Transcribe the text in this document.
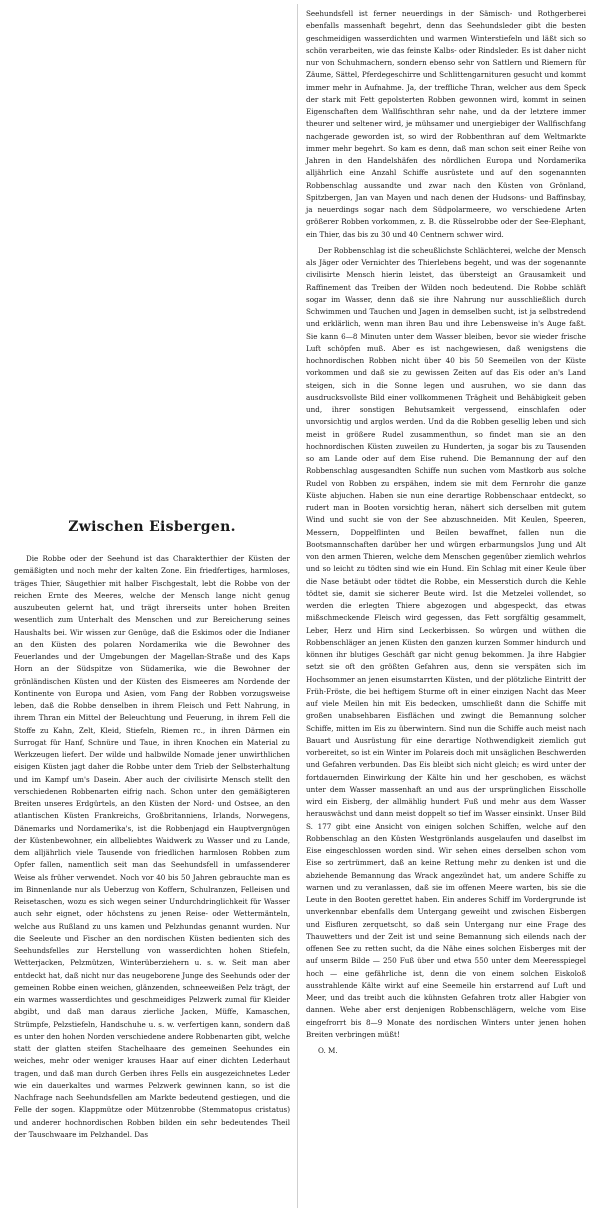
Zwischen Eisbergen.

Die Robbe oder der Seehund ist das Charakterthier der Küsten der gemäßigten und noch mehr der kalten Zone. Ein friedfertiges, harmloses, träges Thier, Säugethier mit halber Fischgestalt, lebt die Robbe von der reichen Ernte des Meeres, welche der Mensch lange nicht genug auszubeuten gelernt hat, und trägt ihrerseits unter hohen Breiten wesentlich zum Unterhalt des Menschen und zur Bereicherung seines Haushalts bei. Wir wissen zur Genüge, daß die Eskimos oder die Indianer an den Küsten des polaren Nordamerika wie die Bewohner des Feuerlandes und der Umgebungen der Magellan-Straße und des Kaps Horn an der Südspitze von Südamerika, wie die Bewohner der grönländischen Küsten und der Küsten des Eismeeres am Nordende der Kontinente von Europa und Asien, vom Fang der Robben vorzugsweise leben, daß die Robbe denselben in ihrem Fleisch und Fett Nahrung, in ihrem Thran ein Mittel der Beleuchtung und Feuerung, in ihrem Fell die Stoffe zu Kahn, Zelt, Kleid, Stiefeln, Riemen rc., in ihren Därmen ein Surrogat für Hanf, Schnüre und Taue, in ihren Knochen ein Material zu Werkzeugen liefert. Der wilde und halbwilde Nomade jener unwirthlichen eisigen Küsten jagt daher die Robbe unter dem Trieb der Selbsterhaltung und im Kampf um's Dasein. Aber auch der civilisirte Mensch stellt den verschiedenen Robbenarten eifrig nach. Schon unter den gemäßigteren Breiten unseres Erdgürtels, an den Küsten der Nord- und Ostsee, an den atlantischen Küsten Frankreichs, Großbritanniens, Irlands, Norwegens, Dänemarks und Nordamerika's, ist die Robbenjagd ein Hauptvergnügen der Küstenbewohner, ein allbeliebtes Waidwerk zu Wasser und zu Lande, dem alljährlich viele Tausende von friedlichen harmlosen Robben zum Opfer fallen, namentlich seit man das Seehundsfell in umfassenderer Weise als früher verwendet. Noch vor 40 bis 50 Jahren gebrauchte man es im Binnenlande nur als Ueberzug von Koffern, Schulranzen, Felleisen und Reisetaschen, wozu es sich wegen seiner Undurchdringlichkeit für Wasser auch sehr eignet, oder höchstens zu jenen Reise- oder Wettermänteln, welche aus Rußland zu uns kamen und Pelzhundas genannt wurden. Nur die Seeleute und Fischer an den nordischen Küsten bedienten sich des Seehundsfelles zur Herstellung von wasserdichten hohen Stiefeln, Wetterjacken, Pelzmützen, Winterüberziehern u. s. w. Seit man aber entdeckt hat, daß nicht nur das neugeborene Junge des Seehunds oder der gemeinen Robbe einen weichen, glänzenden, schneeweißen Pelz trägt, der ein warmes wasserdichtes und geschmeidiges Pelzwerk zumal für Kleider abgibt, und daß man daraus zierliche Jacken, Müffe, Kamaschen, Strümpfe, Pelzstiefeln, Handschuhe u. s. w. verfertigen kann, sondern daß es unter den hohen Norden verschiedene andere Robbenarten gibt, welche statt der glatten steifen Stachelhaare des gemeinen Seehundes ein weiches, mehr oder weniger krauses Haar auf einer dichten Lederhaut tragen, und daß man durch Gerben ihres Fells ein ausgezeichnetes Leder wie ein dauerkaltes und warmes Pelzwerk gewinnen kann, so ist die Nachfrage nach Seehundsfellen am Markte bedeutend gestiegen, und die Felle der sogen. Klappmütze oder Mützenrobbe (Stemmatopus cristatus) und anderer hochnordischen Robben bilden ein sehr bedeutendes Theil der Tauschwaare im Pelzhandel. Das

Seehundsfell ist ferner neuerdings in der Sämisch- und Rothgerberei ebenfalls massenhaft begehrt, denn das Seehundsleder gibt die besten geschmeidigen wasserdichten und warmen Winterstiefeln und läßt sich so schön verarbeiten, wie das feinste Kalbs- oder Rindsleder. Es ist daher nicht nur von Schuhmachern, sondern ebenso sehr von Sattlern und Riemern für Zäume, Sättel, Pferdegeschirre und Schlittengarnituren gesucht und kommt immer mehr in Aufnahme. Ja, der treffliche Thran, welcher aus dem Speck der stark mit Fett gepolsterten Robben gewonnen wird, kommt in seinen Eigenschaften dem Wallfischthran sehr nahe, und da der letztere immer theurer und seltener wird, je mühsamer und unergiebiger der Wallfischfang nachgerade geworden ist, so wird der Robbenthran auf dem Weltmarkte immer mehr begehrt. So kam es denn, daß man schon seit einer Reihe von Jahren in den Handelshäfen des nördlichen Europa und Nordamerika alljährlich eine Anzahl Schiffe ausrüstete und auf den sogenannten Robbenschlag aussandte und zwar nach den Küsten von Grönland, Spitzbergen, Jan van Mayen und nach denen der Hudsons- und Baffinsbay, ja neuerdings sogar nach dem Südpolarmeere, wo verschiedene Arten größerer Robben vorkommen, z. B. die Rüsselrobbe oder der See-Elephant, ein Thier, das bis zu 30 und 40 Centnern schwer wird.

Der Robbenschlag ist die scheußlichste Schlächterei, welche der Mensch als Jäger oder Vernichter des Thierlebens begeht, und was der sogenannte civilisirte Mensch hierin leistet, das übersteigt an Grausamkeit und Raffinement das Treiben der Wilden noch bedeutend. Die Robbe schläft sogar im Wasser, denn daß sie ihre Nahrung nur ausschließlich durch Schwimmen und Tauchen und Jagen in demselben sucht, ist ja selbstredend und erklärlich, wenn man ihren Bau und ihre Lebensweise in's Auge faßt. Sie kann 6—8 Minuten unter dem Wasser bleiben, bevor sie wieder frische Luft schöpfen muß. Aber es ist nachgewiesen, daß wenigstens die hochnordischen Robben nicht über 40 bis 50 Seemeilen von der Küste vorkommen und daß sie zu gewissen Zeiten auf das Eis oder an's Land steigen, sich in die Sonne legen und ausruhen, wo sie dann das ausdrucksvollste Bild einer vollkommenen Trägheit und Behäbigkeit geben und, ihrer sonstigen Behutsamkeit vergessend, einschlafen oder unvorsichtig und arglos werden. Und da die Robben gesellig leben und sich meist in größere Rudel zusammenthun, so findet man sie an den hochnordischen Küsten zuweilen zu Hunderten, ja sogar bis zu Tausenden so am Lande oder auf dem Eise ruhend. Die Bemannung der auf den Robbenschlag ausgesandten Schiffe nun suchen vom Mastkorb aus solche Rudel von Robben zu erspähen, indem sie mit dem Fernrohr die ganze Küste abjuchen. Haben sie nun eine derartige Robbenschaar entdeckt, so rudert man in Booten vorsichtig heran, nähert sich derselben mit gutem Wind und sucht sie von der See abzuschneiden. Mit Keulen, Speeren, Messern, Doppelflinten und Beilen bewaffnet, fallen nun die Bootsmannschaften darüber her und würgen erbarmungslos Jung und Alt von den armen Thieren, welche dem Menschen gegenüber ziemlich wehrlos und so leicht zu tödten sind wie ein Hund. Ein Schlag mit einer Keule über die Nase betäubt oder tödtet die Robbe, ein Messerstich durch die Kehle tödtet sie, damit sie sicherer Beute wird. Ist die Metzelei vollendet, so werden die erlegten Thiere abgezogen und abgespeckt, das etwas mißschmeckende Fleisch wird gegessen, das Fett sorgfältig gesammelt, Leber, Herz und Hirn sind Leckerbissen. So würgen und wüthen die Robbenschläger an jenen Küsten den ganzen kurzen Sommer hindurch und können ihr blutiges Geschäft gar nicht genug bekommen. Ja ihre Habgier setzt sie oft den größten Gefahren aus, denn sie verspäten sich im Hochsommer an jenen eisumstarrten Küsten, und der plötzliche Eintritt der Früh-Fröste, die bei heftigem Sturme oft in einer einzigen Nacht das Meer auf viele Meilen hin mit Eis bedecken, umschließt dann die Schiffe mit großen unabsehbaren Eisflächen und zwingt die Bemannung solcher Schiffe, mitten im Eis zu überwintern. Sind nun die Schiffe auch meist nach Bauart und Ausrüstung für eine derartige Nothwendigkeit ziemlich gut vorbereitet, so ist ein Winter im Polareis doch mit unsäglichen Beschwerden und Gefahren verbunden. Das Eis bleibt sich nicht gleich; es wird unter der fortdauernden Einwirkung der Kälte hin und her geschoben, es wächst unter dem Wasser massenhaft an und aus der ursprünglichen Eisscholle wird ein Eisberg, der allmählig hundert Fuß und mehr aus dem Wasser herauswächst und dann meist doppelt so tief im Wasser einsinkt. Unser Bild S. 177 gibt eine Ansicht von einigen solchen Schiffen, welche auf den Robbenschlag an den Küsten Westgrönlands ausgelaufen und daselbst im Eise eingeschlossen worden sind. Wir sehen eines derselben schon vom Eise so zertrümmert, daß an keine Rettung mehr zu denken ist und die abziehende Bemannung das Wrack angezündet hat, um andere Schiffe zu warnen und zu veranlassen, daß sie im offenen Meere warten, bis sie die Leute in den Booten gerettet haben. Ein anderes Schiff im Vordergrunde ist unverkennbar ebenfalls dem Untergang geweiht und zwischen Eisbergen und Eisfluren zerquetscht, so daß sein Untergang nur eine Frage des Thauwetters und der Zeit ist und seine Bemannung sich eilends nach der offenen See zu retten sucht, da die Nähe eines solchen Eisberges mit der auf unserm Bilde — 250 Fuß über und etwa 550 unter dem Meeresspiegel hoch — eine gefährliche ist, denn die von einem solchen Eiskoloß ausstrahlende Kälte wirkt auf eine Seemeile hin erstarrend auf Luft und Meer, und das treibt auch die kühnsten Gefahren trotz aller Habgier von dannen. Wehe aber erst denjenigen Robbenschlägern, welche vom Eise eingefrorrt bis 8—9 Monate des nordischen Winters unter jenen hohen Breiten verbringen müßt!

O. M.
